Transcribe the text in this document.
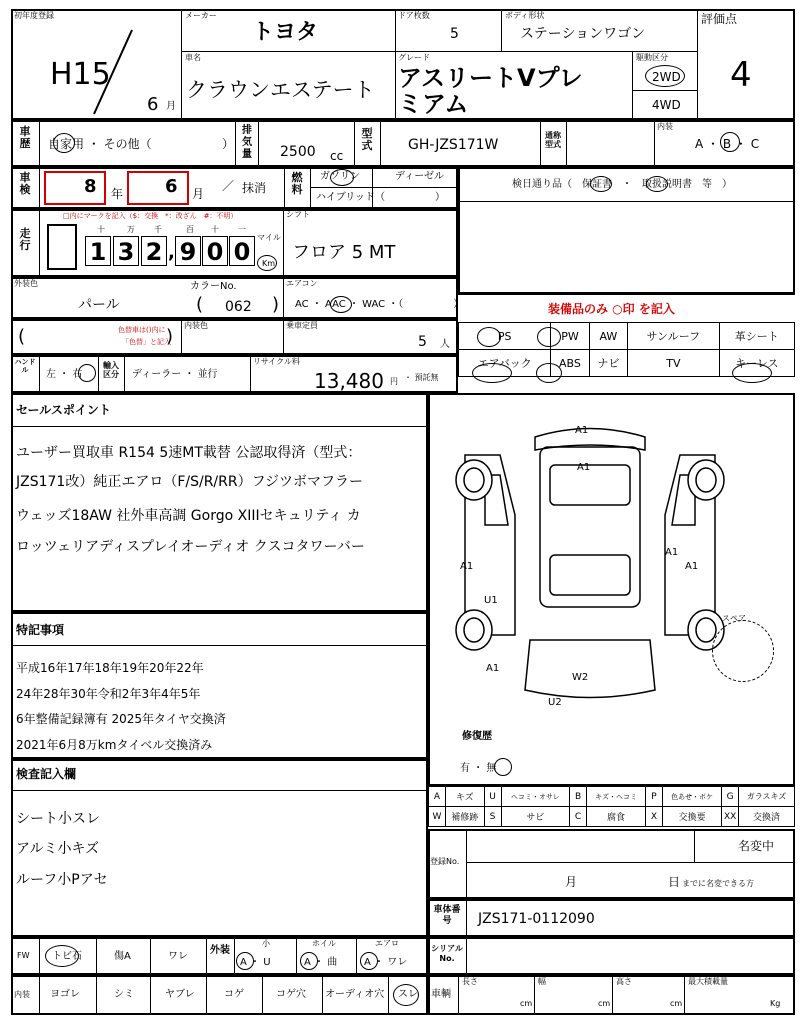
初年度登録
H15
6 月
メーカー
トヨタ
ドア枚数
5
ボディ形状
ステーションワゴン
評価点
4
車名
クラウンエステート
グレード
アスリートVプレ
ミアム
駆動区分
2WD
4WD
車歴	自家用 ・ その他（	）
排気量 2500 cc
型式	GH-JZS171W
通称型式
内装
A ・ B ・ C
車検	8 年 6 月
／ 抹消
燃料
ガソリン	ディーゼル
ハイブリッド （　　　　　）
検日通り品（　保証書　・　取扱説明書　等　）
走行
□内にマークを記入（$：交換　*：改ざん　#：不明）
十	万 千	百 十 一
1 3 2 , 9 0 0
マイル
Km
シフト
フロア 5 MT
外装色
パール
カラーNo.
( 062 )
エアコン
AC ・ AAC ・ WAC ・（　　　　　）	装備品のみ ○印 を記入
(	)
色替車は()内に
「色替」と記入
内装色	乗車定員
5 人
PS	PW	AW	サンルーフ	革シート
エアバック	ABS	ナビ	TV	キーレス
ハンドル	左 ・ 右
輸入区分	ディーラー ・ 並行
リサイクル料
13,480 円 ・ 預託無
セールスポイント
ユーザー買取車 R154 5速MT載替 公認取得済（型式：
JZS171改）純正エアロ（F/S/R/RR）フジツボマフラー
ウェッズ18AW 社外車高調 Gorgo XIIIセキュリティ カ
ロッツェリアディスプレイオーディオ クスコタワーバー
特記事項
平成16年17年18年19年20年22年
24年28年30年令和2年3年4年5年
6年整備記録簿有 2025年タイヤ交換済
2021年6月8万kmタイベル交換済み
検査記入欄
シート小スレ
アルミ小キズ
ルーフ小Pアセ
スペア
A1
A1
A1
A1	A1
U1
A1
W2
U2
修復歴
有 ・ 無
A	キズ	U	ヘコミ・オサレ	B	キズ・ヘコミ	P	色あせ・ボケ	G	ガラスキズ
W	補修跡	S	サビ	C	腐食	X	交換要	XX	交換済
登録No.
名変中
月	日 までに名変できる方
車体番号	JZS171-0112090
FW トビ石	傷A	ワレ
外装
小
A ・ U
ホイル
A ・ 曲
エアロ
A ・ ワレ
シリアルNo.
内装 ヨゴレ	シミ	ヤブレ	コゲ	コゲ穴 オーディオ穴 スレ 車輌
長さ
cm
幅
cm
高さ
cm
最大積載量
Kg
